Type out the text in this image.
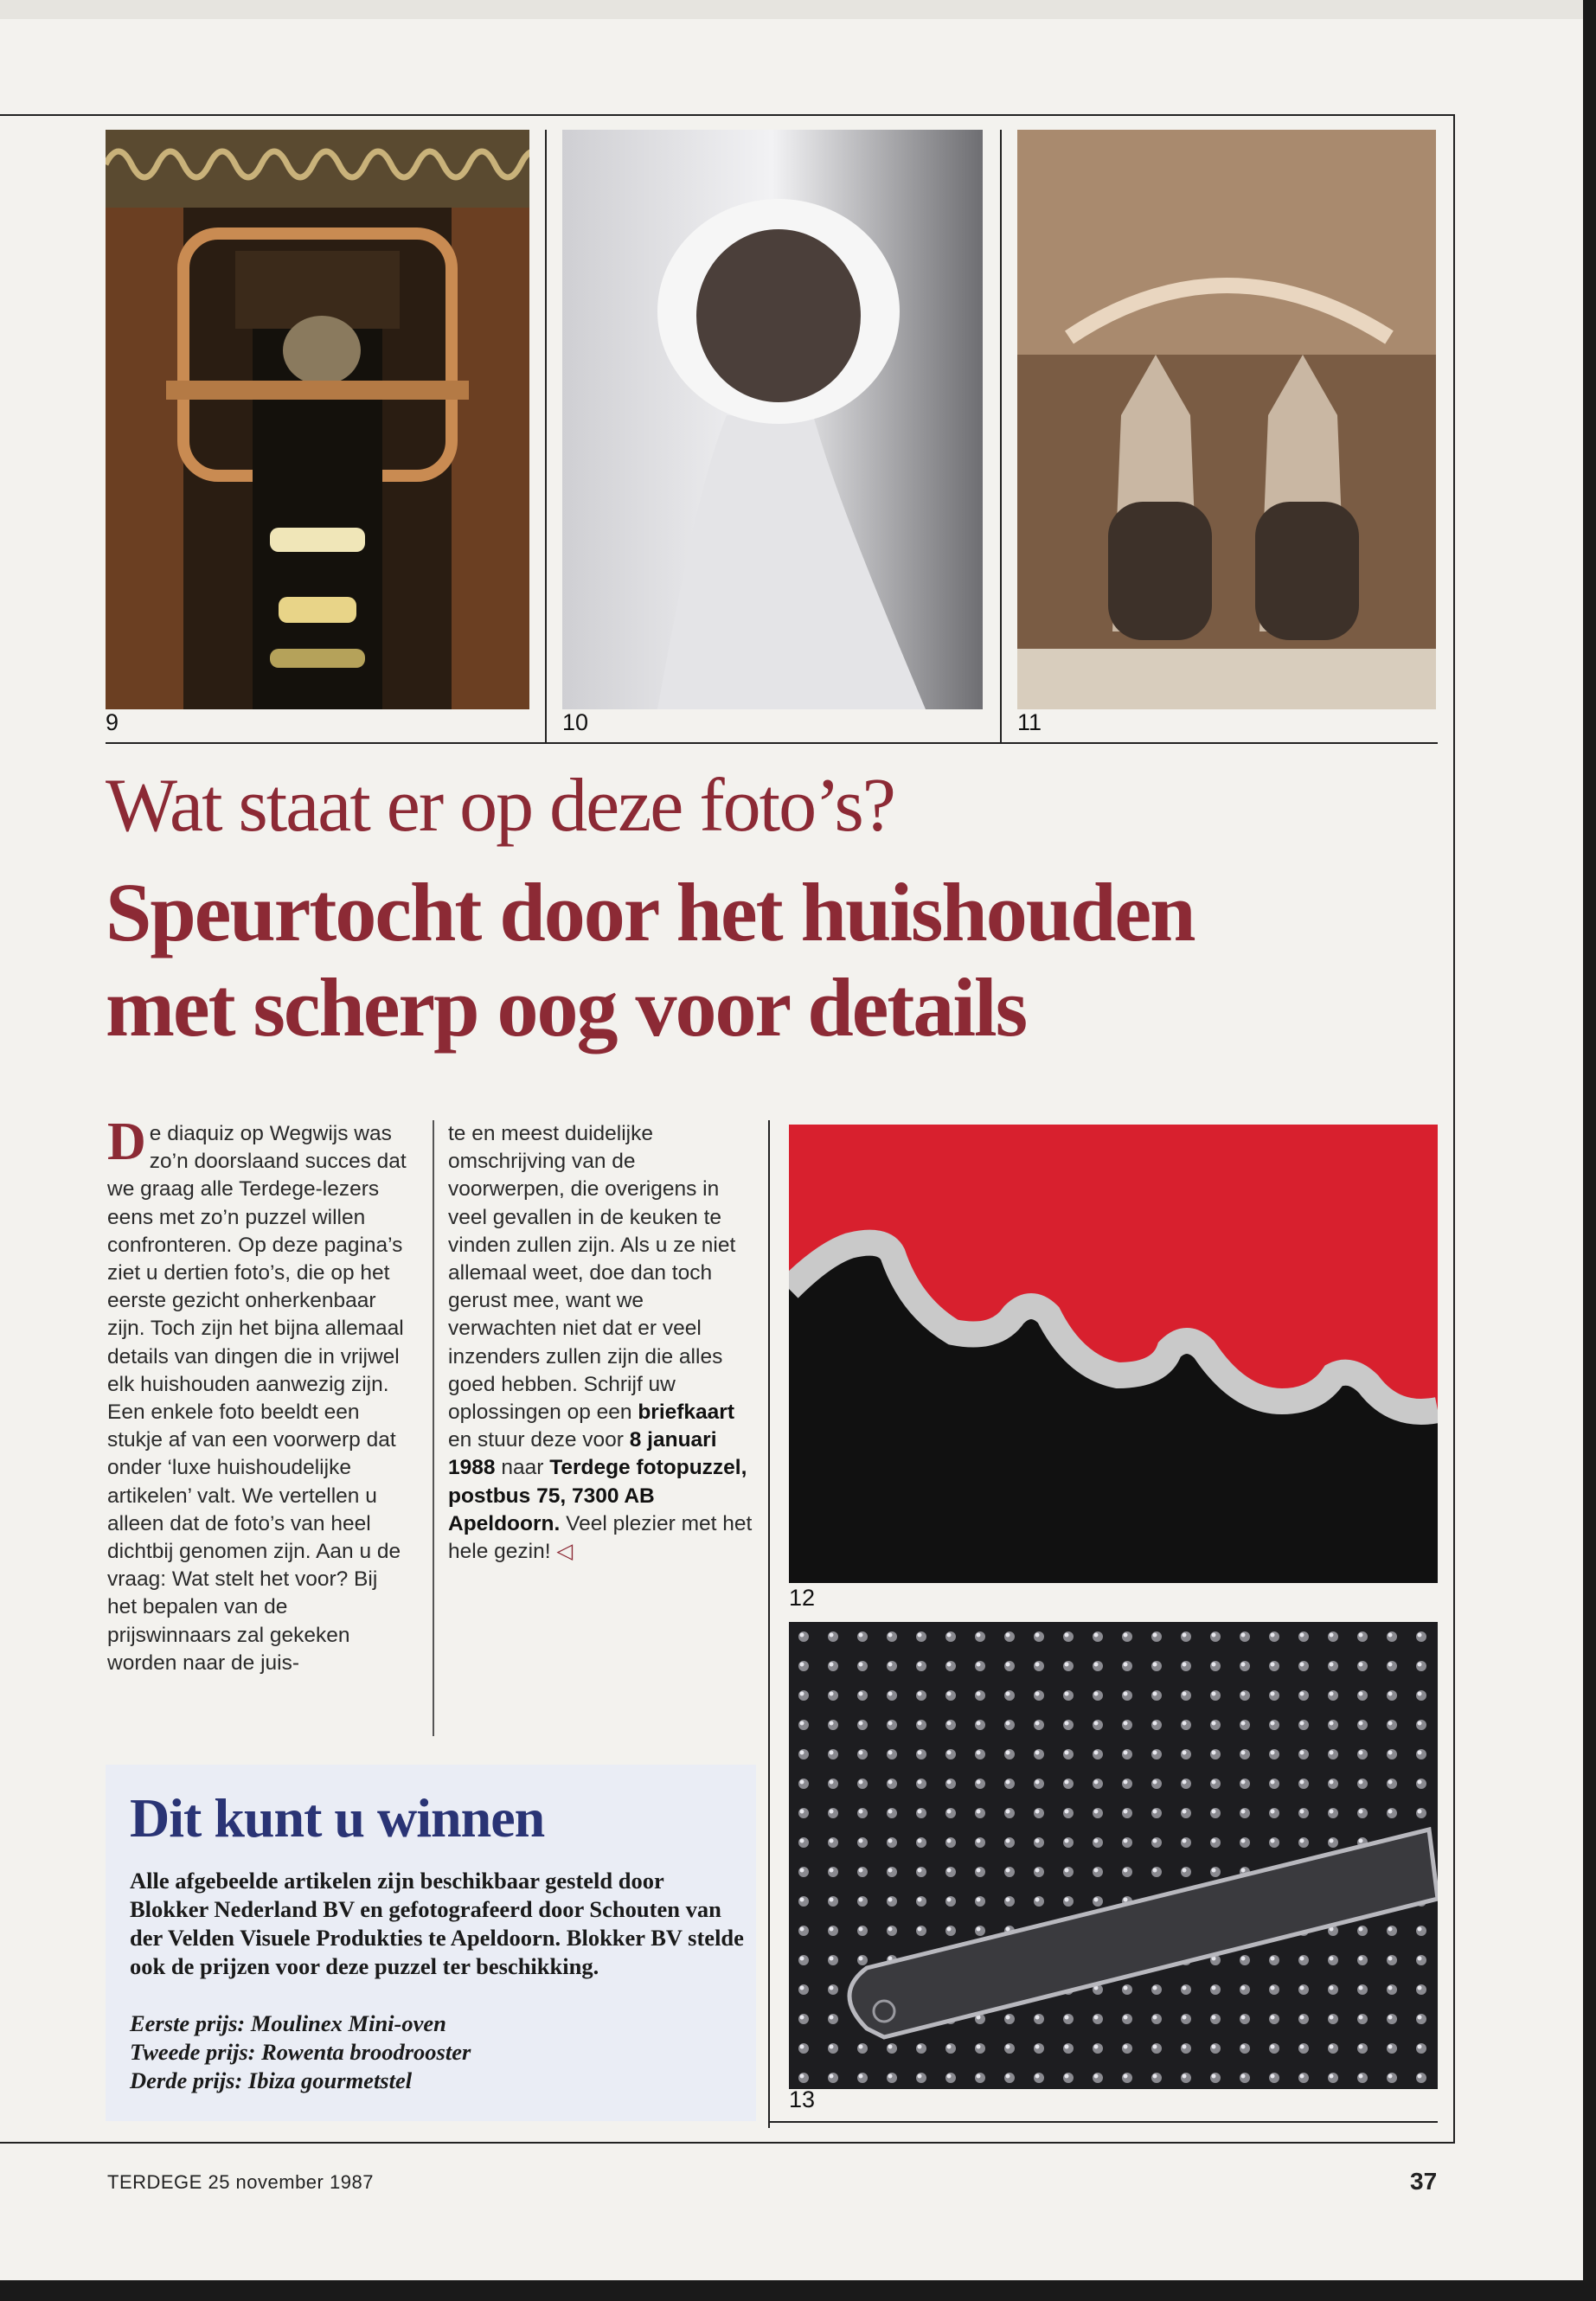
9	10	11
Wat staat er op deze foto’s?
Speurtocht door het huishouden
met scherp oog voor details

De diaquiz op Wegwijs was zo’n doorslaand succes dat we graag alle Terdege-lezers eens met zo’n puzzel willen confronteren. Op deze pagina’s ziet u dertien foto’s, die op het eerste gezicht onherkenbaar zijn. Toch zijn het bijna allemaal details van dingen die in vrijwel elk huishouden aanwezig zijn. Een enkele foto beeldt een stukje af van een voorwerp dat onder ‘luxe huishoudelijke artikelen’ valt. We vertellen u alleen dat de foto’s van heel dichtbij genomen zijn. Aan u de vraag: Wat stelt het voor? Bij het bepalen van de prijswinnaars zal gekeken worden naar de juis-

te en meest duidelijke omschrijving van de voorwerpen, die overigens in veel gevallen in de keuken te vinden zullen zijn. Als u ze niet allemaal weet, doe dan toch gerust mee, want we verwachten niet dat er veel inzenders zullen zijn die alles goed hebben. Schrijf uw oplossingen op een briefkaart en stuur deze voor 8 januari 1988 naar Terdege fotopuzzel, postbus 75, 7300 AB Apeldoorn. Veel plezier met het hele gezin! ◁

12
13
Dit kunt u winnen

Alle afgebeelde artikelen zijn beschikbaar gesteld door Blokker Nederland BV en gefotografeerd door Schouten van der Velden Visuele Produkties te Apeldoorn. Blokker BV stelde ook de prijzen voor deze puzzel ter beschikking.

Eerste prijs: Moulinex Mini-oven

Tweede prijs: Rowenta broodrooster

Derde prijs: Ibiza gourmetstel

TERDEGE 25 november 1987	37
